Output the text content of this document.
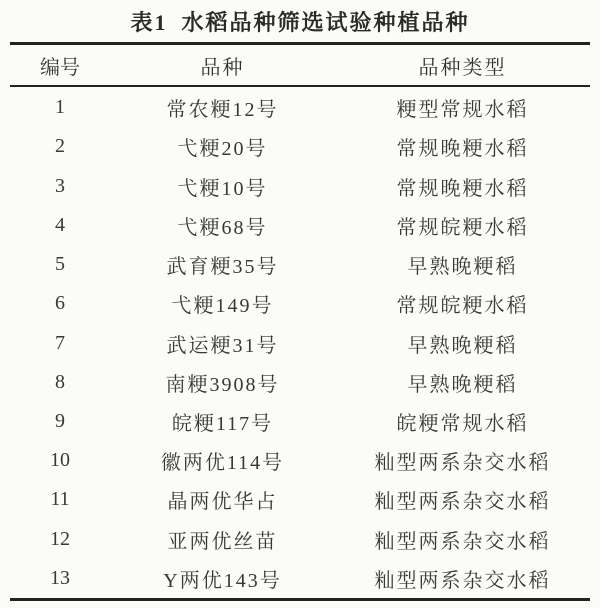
表1 水稻品种筛选试验种植品种
编号	品种	品种类型
1	常农粳12号	粳型常规水稻
2	弋粳20号	常规晚粳水稻
3	弋粳10号	常规晚粳水稻
4	弋粳68号	常规皖粳水稻
5	武育粳35号	早熟晚粳稻
6	弋粳149号	常规皖粳水稻
7	武运粳31号	早熟晚粳稻
8	南粳3908号	早熟晚粳稻
9	皖粳117号	皖粳常规水稻
10	徽两优114号	籼型两系杂交水稻
11	晶两优华占	籼型两系杂交水稻
12	亚两优丝苗	籼型两系杂交水稻
13	Y两优143号	籼型两系杂交水稻
